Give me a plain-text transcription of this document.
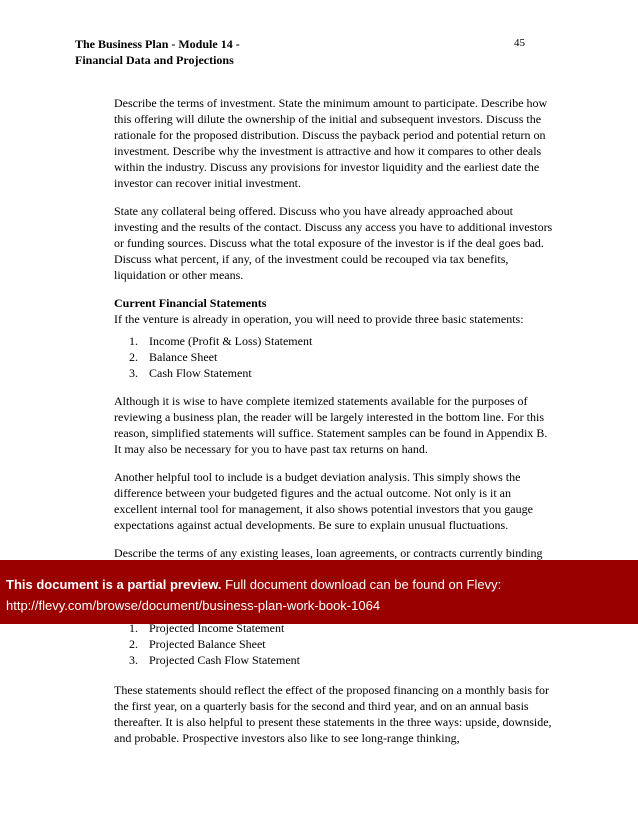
The Business Plan - Module 14 -
Financial Data and Projections
45

Describe the terms of investment. State the minimum amount to participate. Describe how this offering will dilute the ownership of the initial and subsequent investors. Discuss the rationale for the proposed distribution. Discuss the payback period and potential return on investment. Describe why the investment is attractive and how it compares to other deals within the industry. Discuss any provisions for investor liquidity and the earliest date the investor can recover initial investment.

State any collateral being offered. Discuss who you have already approached about investing and the results of the contact. Discuss any access you have to additional investors or funding sources. Discuss what the total exposure of the investor is if the deal goes bad. Discuss what percent, if any, of the investment could be recouped via tax benefits, liquidation or other means.

Current Financial Statements

If the venture is already in operation, you will need to provide three basic statements:

1. Income (Profit & Loss) Statement
2. Balance Sheet
3. Cash Flow Statement

Although it is wise to have complete itemized statements available for the purposes of reviewing a business plan, the reader will be largely interested in the bottom line. For this reason, simplified statements will suffice. Statement samples can be found in Appendix B. It may also be necessary for you to have past tax returns on hand.

Another helpful tool to include is a budget deviation analysis. This simply shows the difference between your budgeted figures and the actual outcome. Not only is it an excellent internal tool for management, it also shows potential investors that you gauge expectations against actual developments. Be sure to explain unusual fluctuations.

Describe the terms of any existing leases, loan agreements, or contracts currently binding

This document is a partial preview. Full document download can be found on Flevy:
http://flevy.com/browse/document/business-plan-work-book-1064
1. Projected Income Statement
2. Projected Balance Sheet
3. Projected Cash Flow Statement

These statements should reflect the effect of the proposed financing on a monthly basis for the first year, on a quarterly basis for the second and third year, and on an annual basis thereafter. It is also helpful to present these statements in the three ways: upside, downside, and probable. Prospective investors also like to see long-range thinking,
